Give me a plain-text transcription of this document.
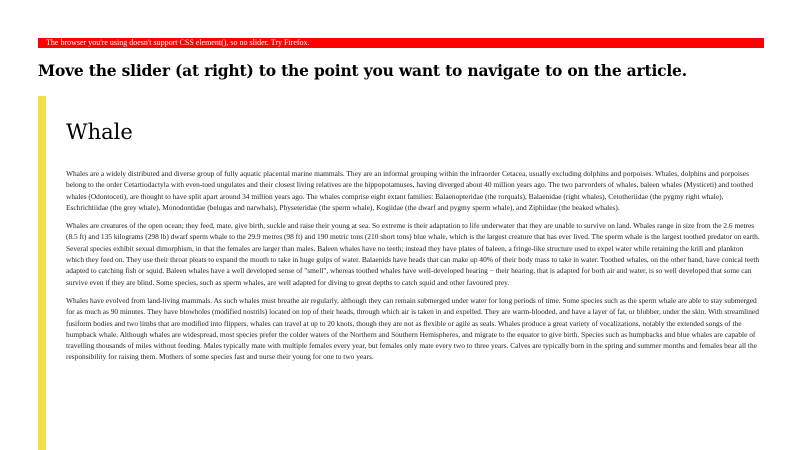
The browser you're using doesn't support CSS element(), so no slider. Try Firefox.
Move the slider (at right) to the point you want to navigate to on the article.
Whale

Whales are a widely distributed and diverse group of fully aquatic placental marine mammals. They are an informal grouping within the infraorder Cetacea, usually excluding dolphins and porpoises. Whales, dolphins and porpoises belong to the order Cetartiodactyla with even-toed ungulates and their closest living relatives are the hippopotamuses, having diverged about 40 million years ago. The two parvorders of whales, baleen whales (Mysticeti) and toothed whales (Odontoceti), are thought to have split apart around 34 million years ago. The whales comprise eight extant families: Balaenopteridae (the rorquals), Balaenidae (right whales), Cetotheriidae (the pygmy right whale), Eschrichtiidae (the grey whale), Monodontidae (belugas and narwhals), Physeteridae (the sperm whale), Kogiidae (the dwarf and pygmy sperm whale), and Ziphiidae (the beaked whales).

Whales are creatures of the open ocean; they feed, mate, give birth, suckle and raise their young at sea. So extreme is their adaptation to life underwater that they are unable to survive on land. Whales range in size from the 2.6 metres (8.5 ft) and 135 kilograms (298 lb) dwarf sperm whale to the 29.9 metres (98 ft) and 190 metric tons (210 short tons) blue whale, which is the largest creature that has ever lived. The sperm whale is the largest toothed predator on earth. Several species exhibit sexual dimorphism, in that the females are larger than males. Baleen whales have no teeth; instead they have plates of baleen, a fringe-like structure used to expel water while retaining the krill and plankton which they feed on. They use their throat pleats to expand the mouth to take in huge gulps of water. Balaenids have heads that can make up 40% of their body mass to take in water. Toothed whales, on the other hand, have conical teeth adapted to catching fish or squid. Baleen whales have a well developed sense of "smell", whereas toothed whales have well-developed hearing − their hearing, that is adapted for both air and water, is so well developed that some can survive even if they are blind. Some species, such as sperm whales, are well adapted for diving to great depths to catch squid and other favoured prey.

Whales have evolved from land-living mammals. As such whales must breathe air regularly, although they can remain submerged under water for long periods of time. Some species such as the sperm whale are able to stay submerged for as much as 90 minutes. They have blowholes (modified nostrils) located on top of their heads, through which air is taken in and expelled. They are warm-blooded, and have a layer of fat, or blubber, under the skin. With streamlined fusiform bodies and two limbs that are modified into flippers, whales can travel at up to 20 knots, though they are not as flexible or agile as seals. Whales produce a great variety of vocalizations, notably the extended songs of the humpback whale. Although whales are widespread, most species prefer the colder waters of the Northern and Southern Hemispheres, and migrate to the equator to give birth. Species such as humpbacks and blue whales are capable of travelling thousands of miles without feeding. Males typically mate with multiple females every year, but females only mate every two to three years. Calves are typically born in the spring and summer months and females bear all the responsibility for raising them. Mothers of some species fast and nurse their young for one to two years.
